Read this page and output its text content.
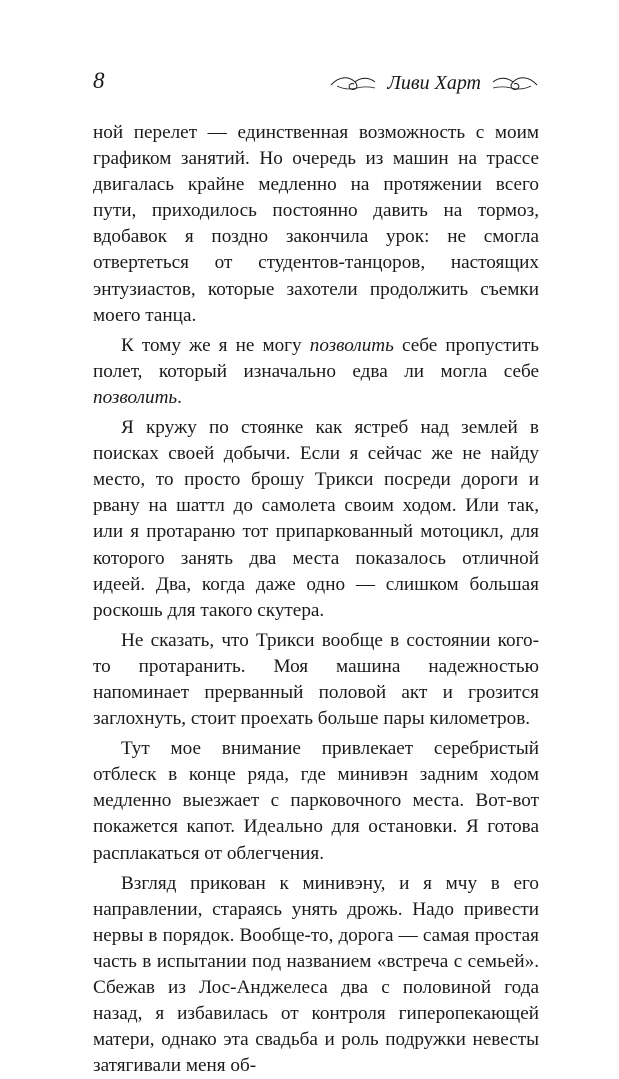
8	Ливи Харт

ной перелет — единственная возможность с моим графиком занятий. Но очередь из машин на трассе двигалась крайне медленно на протяжении всего пути, приходилось постоянно давить на тормоз, вдобавок я поздно закончила урок: не смогла отвертеться от студентов-танцоров, настоящих энтузиастов, которые захотели продолжить съемки моего танца.

К тому же я не могу позволить себе пропустить полет, который изначально едва ли могла себе позволить.

Я кружу по стоянке как ястреб над землей в поисках своей добычи. Если я сейчас же не найду место, то просто брошу Трикси посреди дороги и рвану на шаттл до самолета своим ходом. Или так, или я протараню тот припаркованный мотоцикл, для которого занять два места показалось отличной идеей. Два, когда даже одно — слишком большая роскошь для такого скутера.

Не сказать, что Трикси вообще в состоянии кого-то протаранить. Моя машина надежностью напоминает прерванный половой акт и грозится заглохнуть, стоит проехать больше пары километров.

Тут мое внимание привлекает серебристый отблеск в конце ряда, где минивэн задним ходом медленно выезжает с парковочного места. Вот-вот покажется капот. Идеально для остановки. Я готова расплакаться от облегчения.

Взгляд прикован к минивэну, и я мчу в его направлении, стараясь унять дрожь. Надо привести нервы в порядок. Вообще-то, дорога — самая простая часть в испытании под названием «встреча с семьей». Сбежав из Лос-Анджелеса два с половиной года назад, я избавилась от контроля гиперопекающей матери, однако эта свадьба и роль подружки невесты затягивали меня об-
